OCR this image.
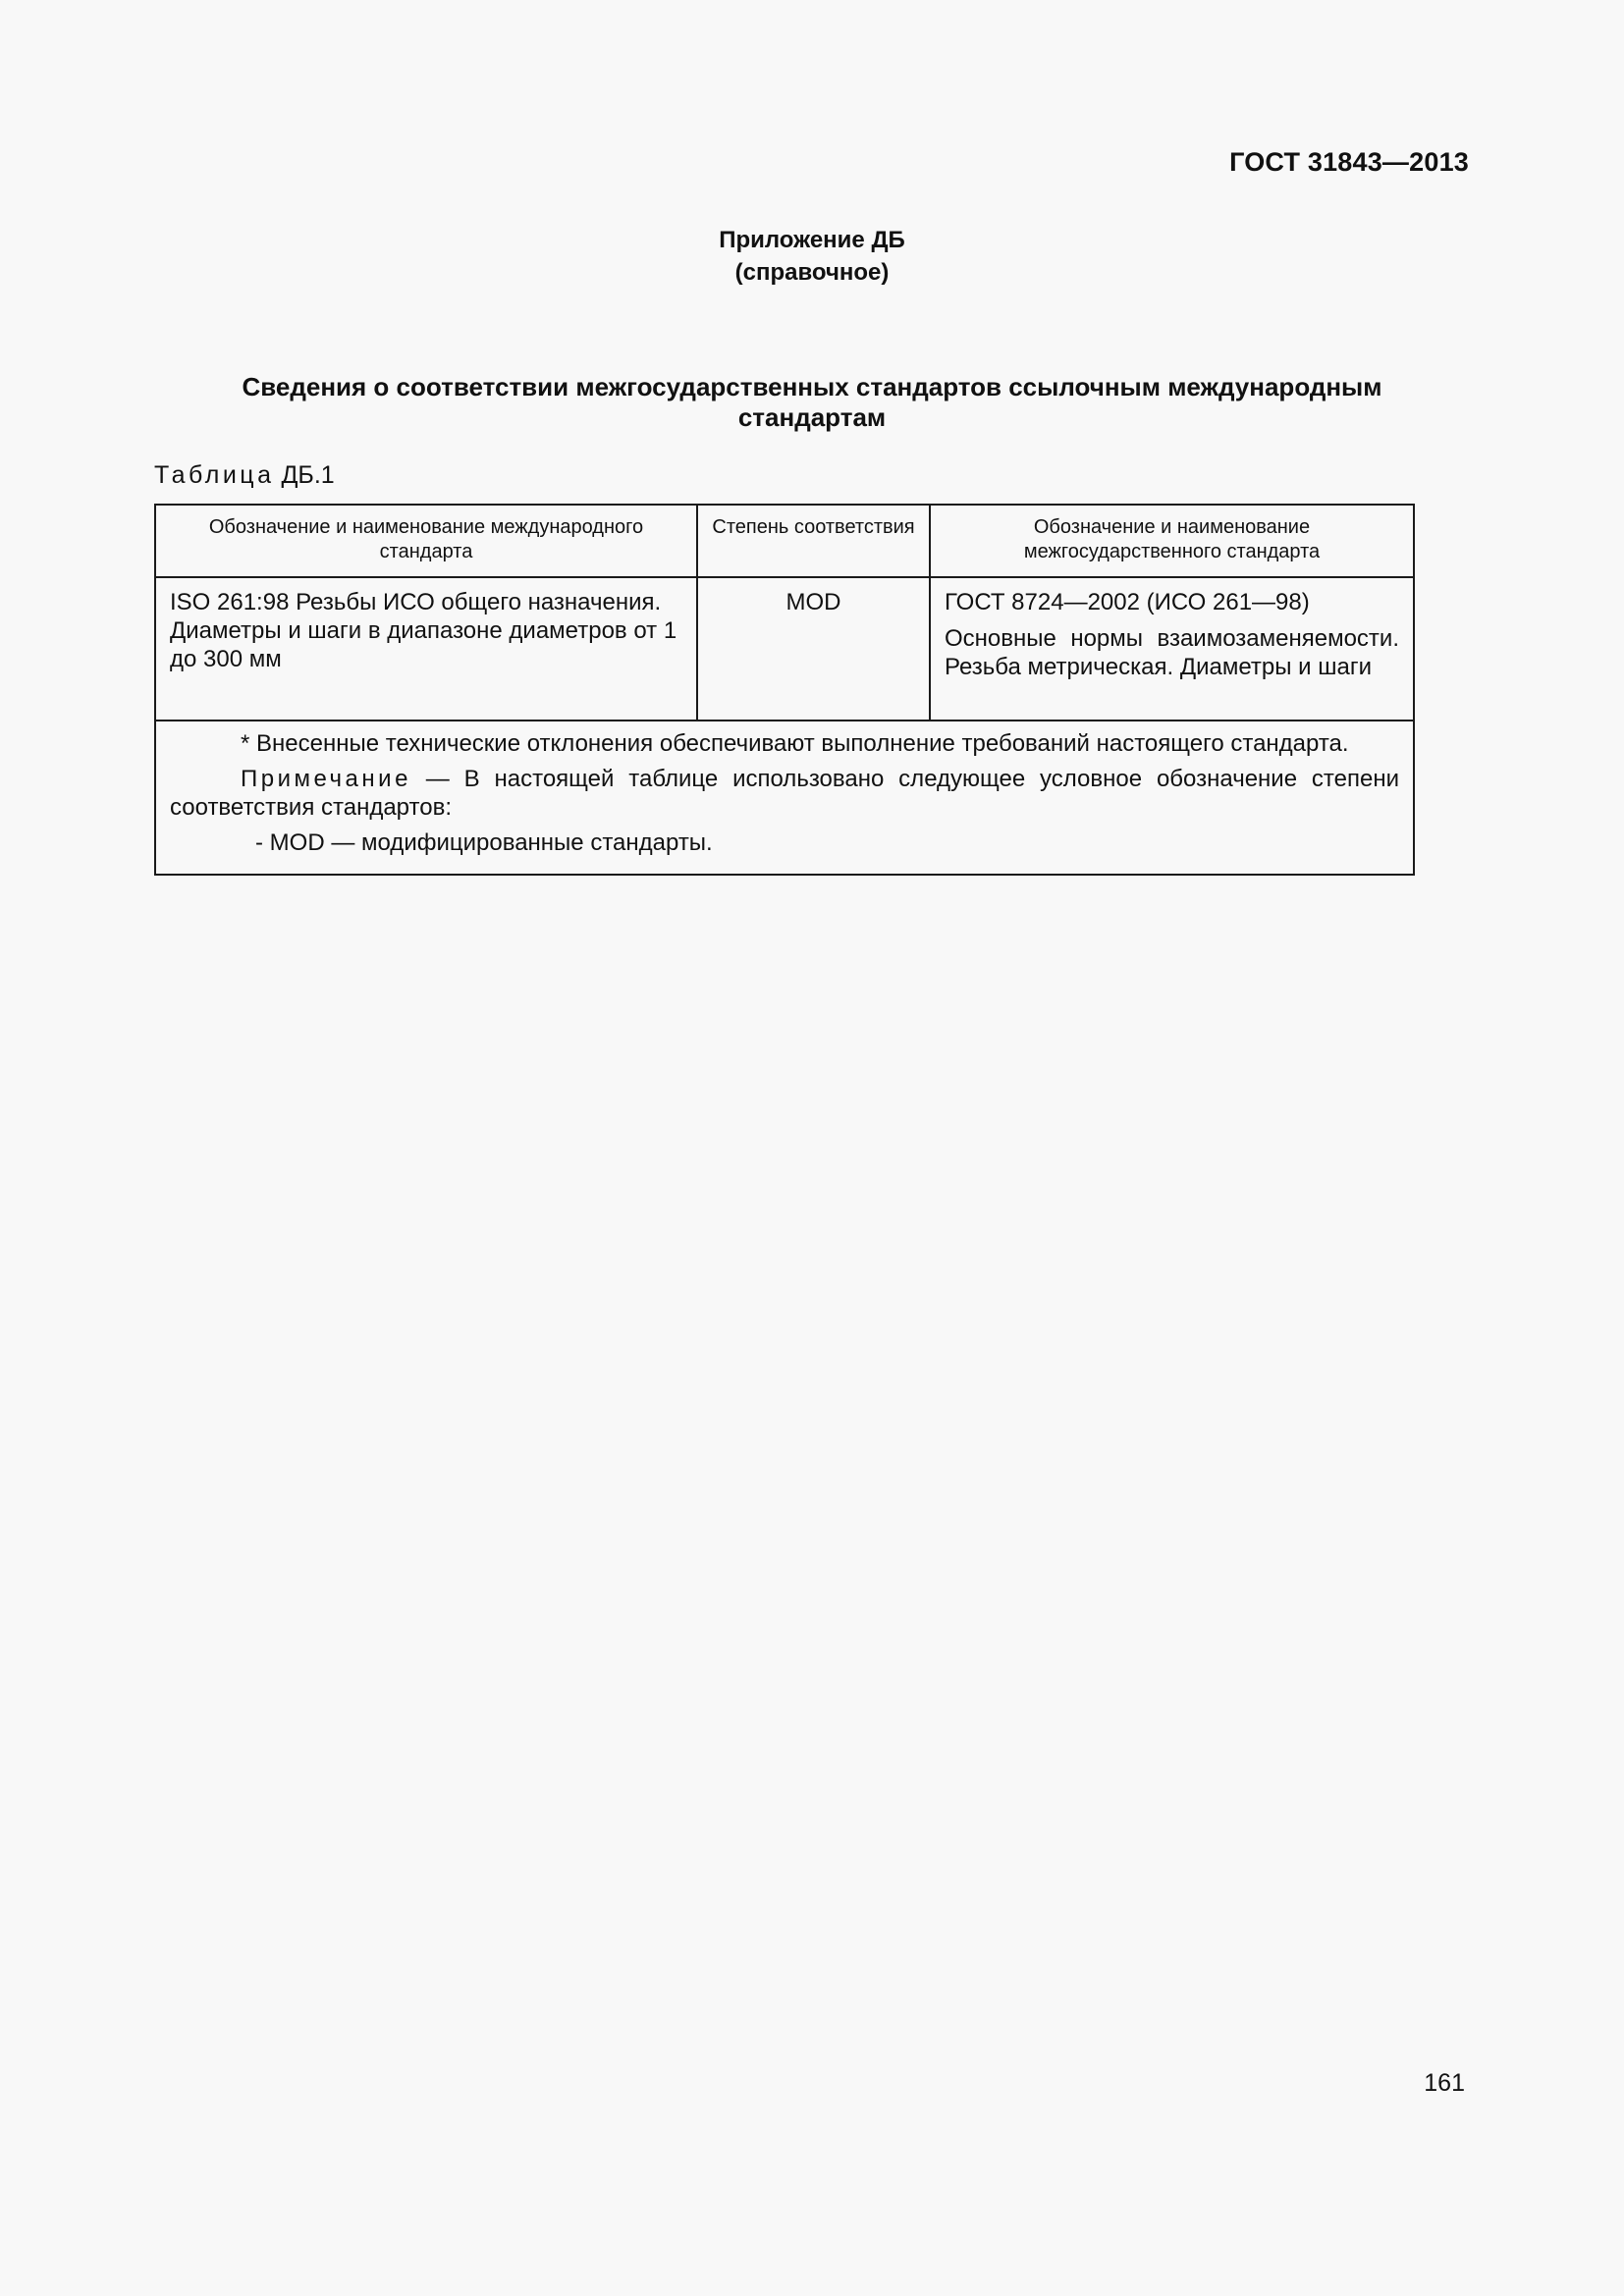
ГОСТ 31843—2013
Приложение ДБ
(справочное)
Сведения о соответствии межгосударственных стандартов ссылочным международным стандартам
Таблица ДБ.1
Обозначение и наименование международного стандарта	Степень соответствия	Обозначение и наименование межгосударственного стандарта
ISO 261:98 Резьбы ИСО общего назначения. Диаметры и шаги в диапазоне диаметров от 1 до 300 мм	MOD	ГОСТ 8724—2002 (ИСО 261—98)
Основные нормы взаимозаменяемости. Резьба метрическая. Диаметры и шаги

* Внесенные технические отклонения обеспечивают выполнение требований настоящего стандарта.

Примечание — В настоящей таблице использовано следующее условное обозначение степени соответствия стандартов:

- MOD — модифицированные стандарты.		

161
